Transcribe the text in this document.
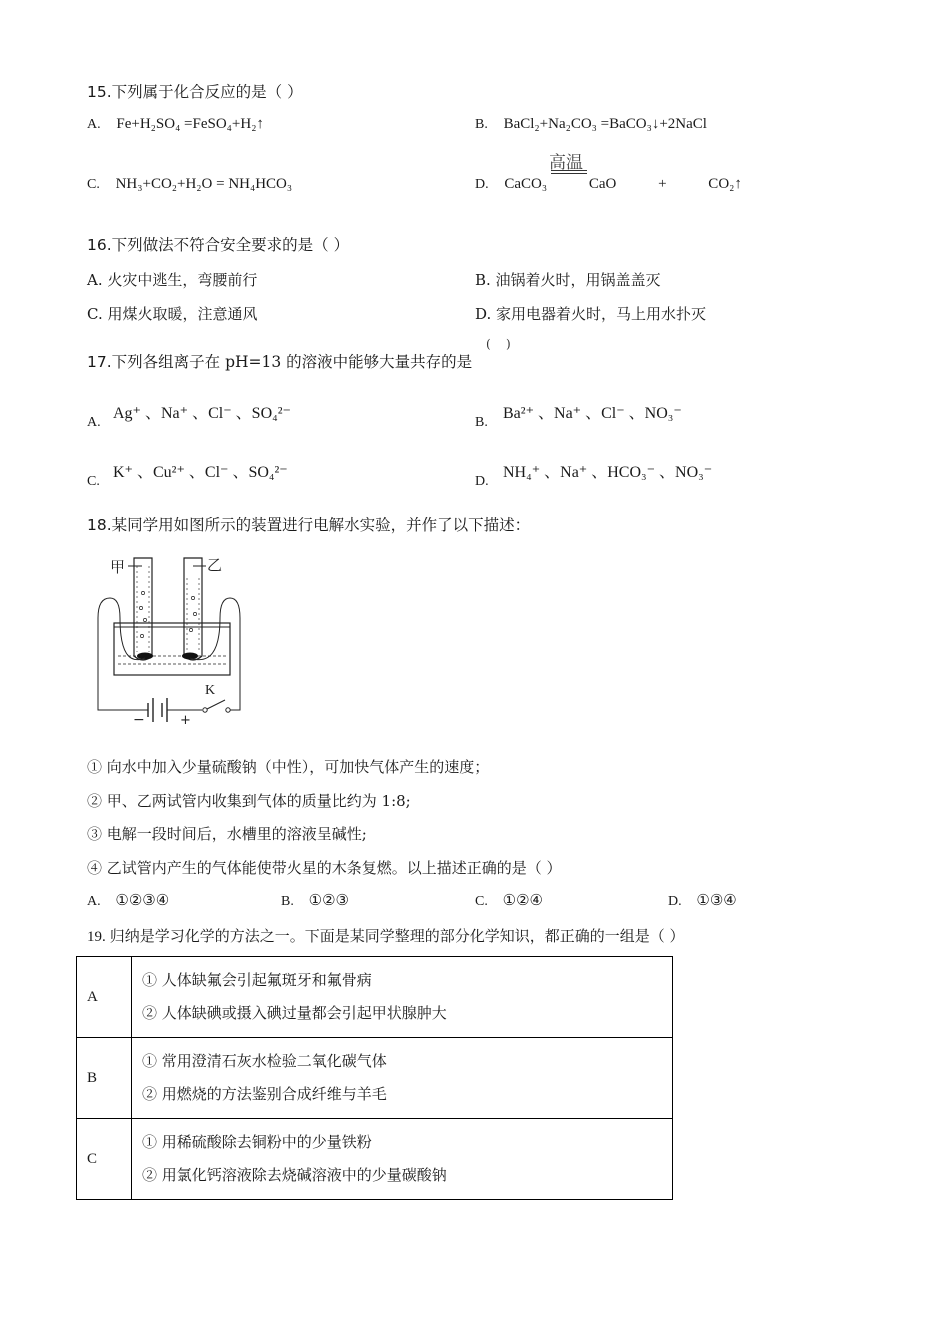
15.下列属于化合反应的是（ ）
A. Fe+H₂SO₄ =FeSO₄+H₂↑	B. BaCl₂+Na₂CO₃ =BaCO₃↓+2NaCl
C. NH₃+CO₂+H₂O = NH₄HCO₃
高温
D. CaCO₃ CaO + CO₂↑
16.下列做法不符合安全要求的是（ ）
A. 火灾中逃生，弯腰前行	B. 油锅着火时，用锅盖盖灭
C. 用煤火取暖，注意通风	D. 家用电器着火时，马上用水扑灭
17.下列各组离子在 pH=13 的溶液中能够大量共存的是
(    )
A.
Ag⁺ 、Na⁺ 、Cl⁻ 、SO₄²⁻
B.
Ba²⁺ 、Na⁺ 、Cl⁻ 、NO₃⁻
C.
K⁺ 、Cu²⁺ 、Cl⁻ 、SO₄²⁻
D.
NH₄⁺ 、Na⁺ 、HCO₃⁻ 、NO₃⁻
18.某同学用如图所示的装置进行电解水实验，并作了以下描述：
甲	乙
−	+
K
① 向水中加入少量硫酸钠（中性），可加快气体产生的速度；
② 甲、乙两试管内收集到气体的质量比约为 1:8;
③ 电解一段时间后，水槽里的溶液呈碱性;
④ 乙试管内产生的气体能使带火星的木条复燃。以上描述正确的是（ ）
A. ①②③④	B. ①②③	C. ①②④	D. ①③④
19. 归纳是学习化学的方法之一。下面是某同学整理的部分化学知识，都正确的一组是（ ）
A	① 人体缺氟会引起氟斑牙和氟骨病
② 人体缺碘或摄入碘过量都会引起甲状腺肿大

B	① 常用澄清石灰水检验二氧化碳气体
② 用燃烧的方法鉴别合成纤维与羊毛

C	① 用稀硫酸除去铜粉中的少量铁粉
② 用氯化钙溶液除去烧碱溶液中的少量碳酸钠
